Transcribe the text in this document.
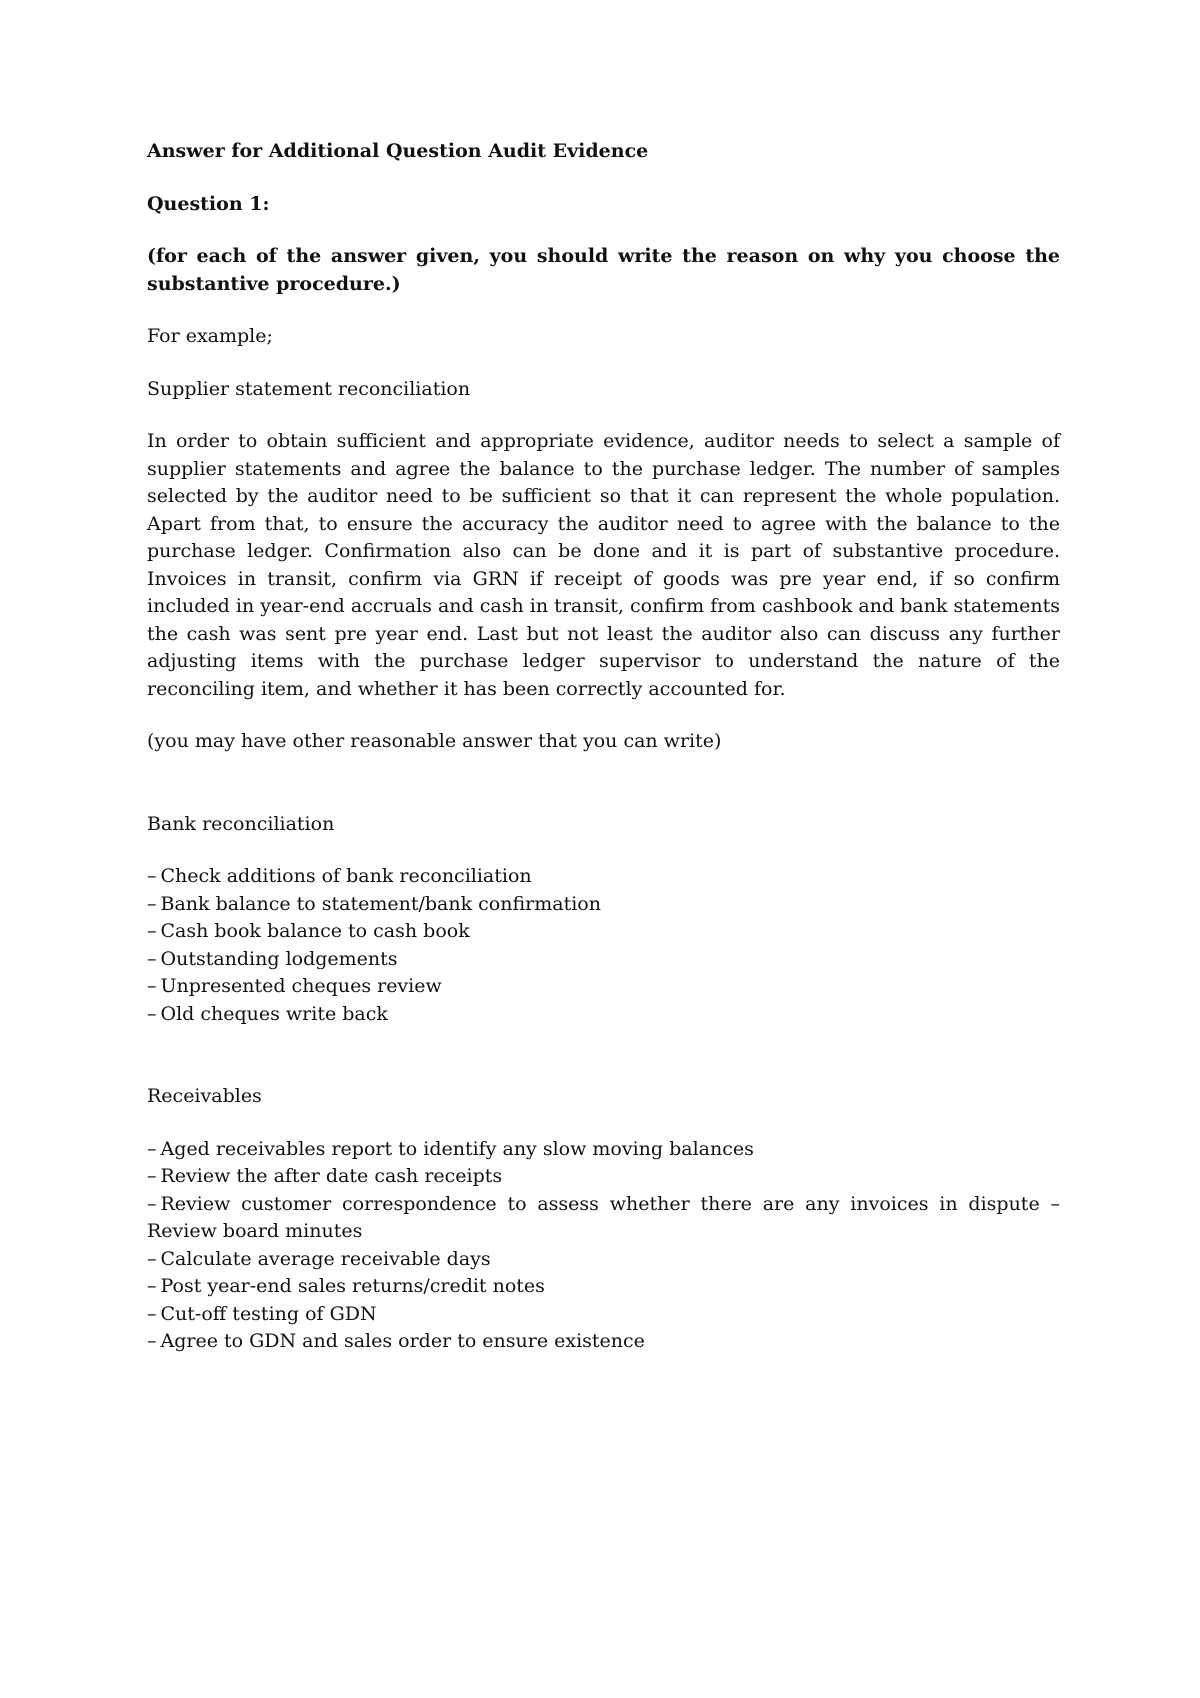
Answer for Additional Question Audit Evidence

Question 1:

(for each of the answer given, you should write the reason on why you choose the substantive procedure.)

For example;

Supplier statement reconciliation

In order to obtain sufficient and appropriate evidence, auditor needs to select a sample of supplier statements and agree the balance to the purchase ledger. The number of samples selected by the auditor need to be sufficient so that it can represent the whole population. Apart from that, to ensure the accuracy the auditor need to agree with the balance to the purchase ledger. Confirmation also can be done and it is part of substantive procedure. Invoices in transit, confirm via GRN if receipt of goods was pre year end, if so confirm included in year-end accruals and cash in transit, confirm from cashbook and bank statements the cash was sent pre year end. Last but not least the auditor also can discuss any further adjusting items with the purchase ledger supervisor to understand the nature of the reconciling item, and whether it has been correctly accounted for.

(you may have other reasonable answer that you can write)

Bank reconciliation

– Check additions of bank reconciliation
– Bank balance to statement/bank confirmation
– Cash book balance to cash book
– Outstanding lodgements
– Unpresented cheques review
– Old cheques write back

Receivables

– Aged receivables report to identify any slow moving balances
– Review the after date cash receipts
– Review customer correspondence to assess whether there are any invoices in dispute – Review board minutes
– Calculate average receivable days
– Post year-end sales returns/credit notes
– Cut-off testing of GDN
– Agree to GDN and sales order to ensure existence
